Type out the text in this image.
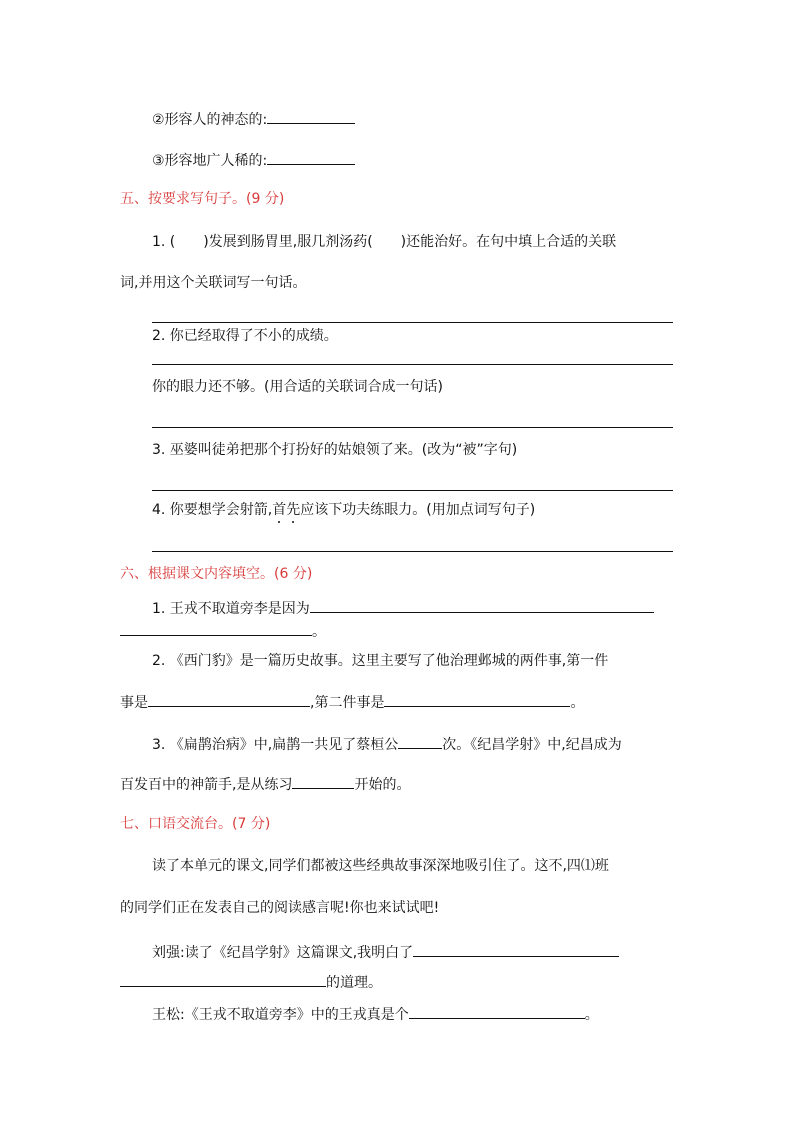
②形容人的神态的:
③形容地广人稀的:
五、按要求写句子。(9 分)
1. ( )发展到肠胃里,服几剂汤药( )还能治好。在句中填上合适的关联
词,并用这个关联词写一句话。
2. 你已经取得了不小的成绩。
你的眼力还不够。(用合适的关联词合成一句话)
3. 巫婆叫徒弟把那个打扮好的姑娘领了来。(改为“被”字句)
4. 你要想学会射箭,首先应该下功夫练眼力。(用加点词写句子)
六、根据课文内容填空。(6 分)
1. 王戎不取道旁李是因为
。
2. 《西门豹》是一篇历史故事。这里主要写了他治理邺城的两件事,第一件
事是	,第二件事是	。
3. 《扁鹊治病》中,扁鹊一共见了蔡桓公	次。《纪昌学射》中,纪昌成为
百发百中的神箭手,是从练习	开始的。
七、口语交流台。(7 分)
读了本单元的课文,同学们都被这些经典故事深深地吸引住了。这不,四⑴班
的同学们正在发表自己的阅读感言呢!你也来试试吧!
刘强:读了《纪昌学射》这篇课文,我明白了
的道理。
王松:《王戎不取道旁李》中的王戎真是个	。
